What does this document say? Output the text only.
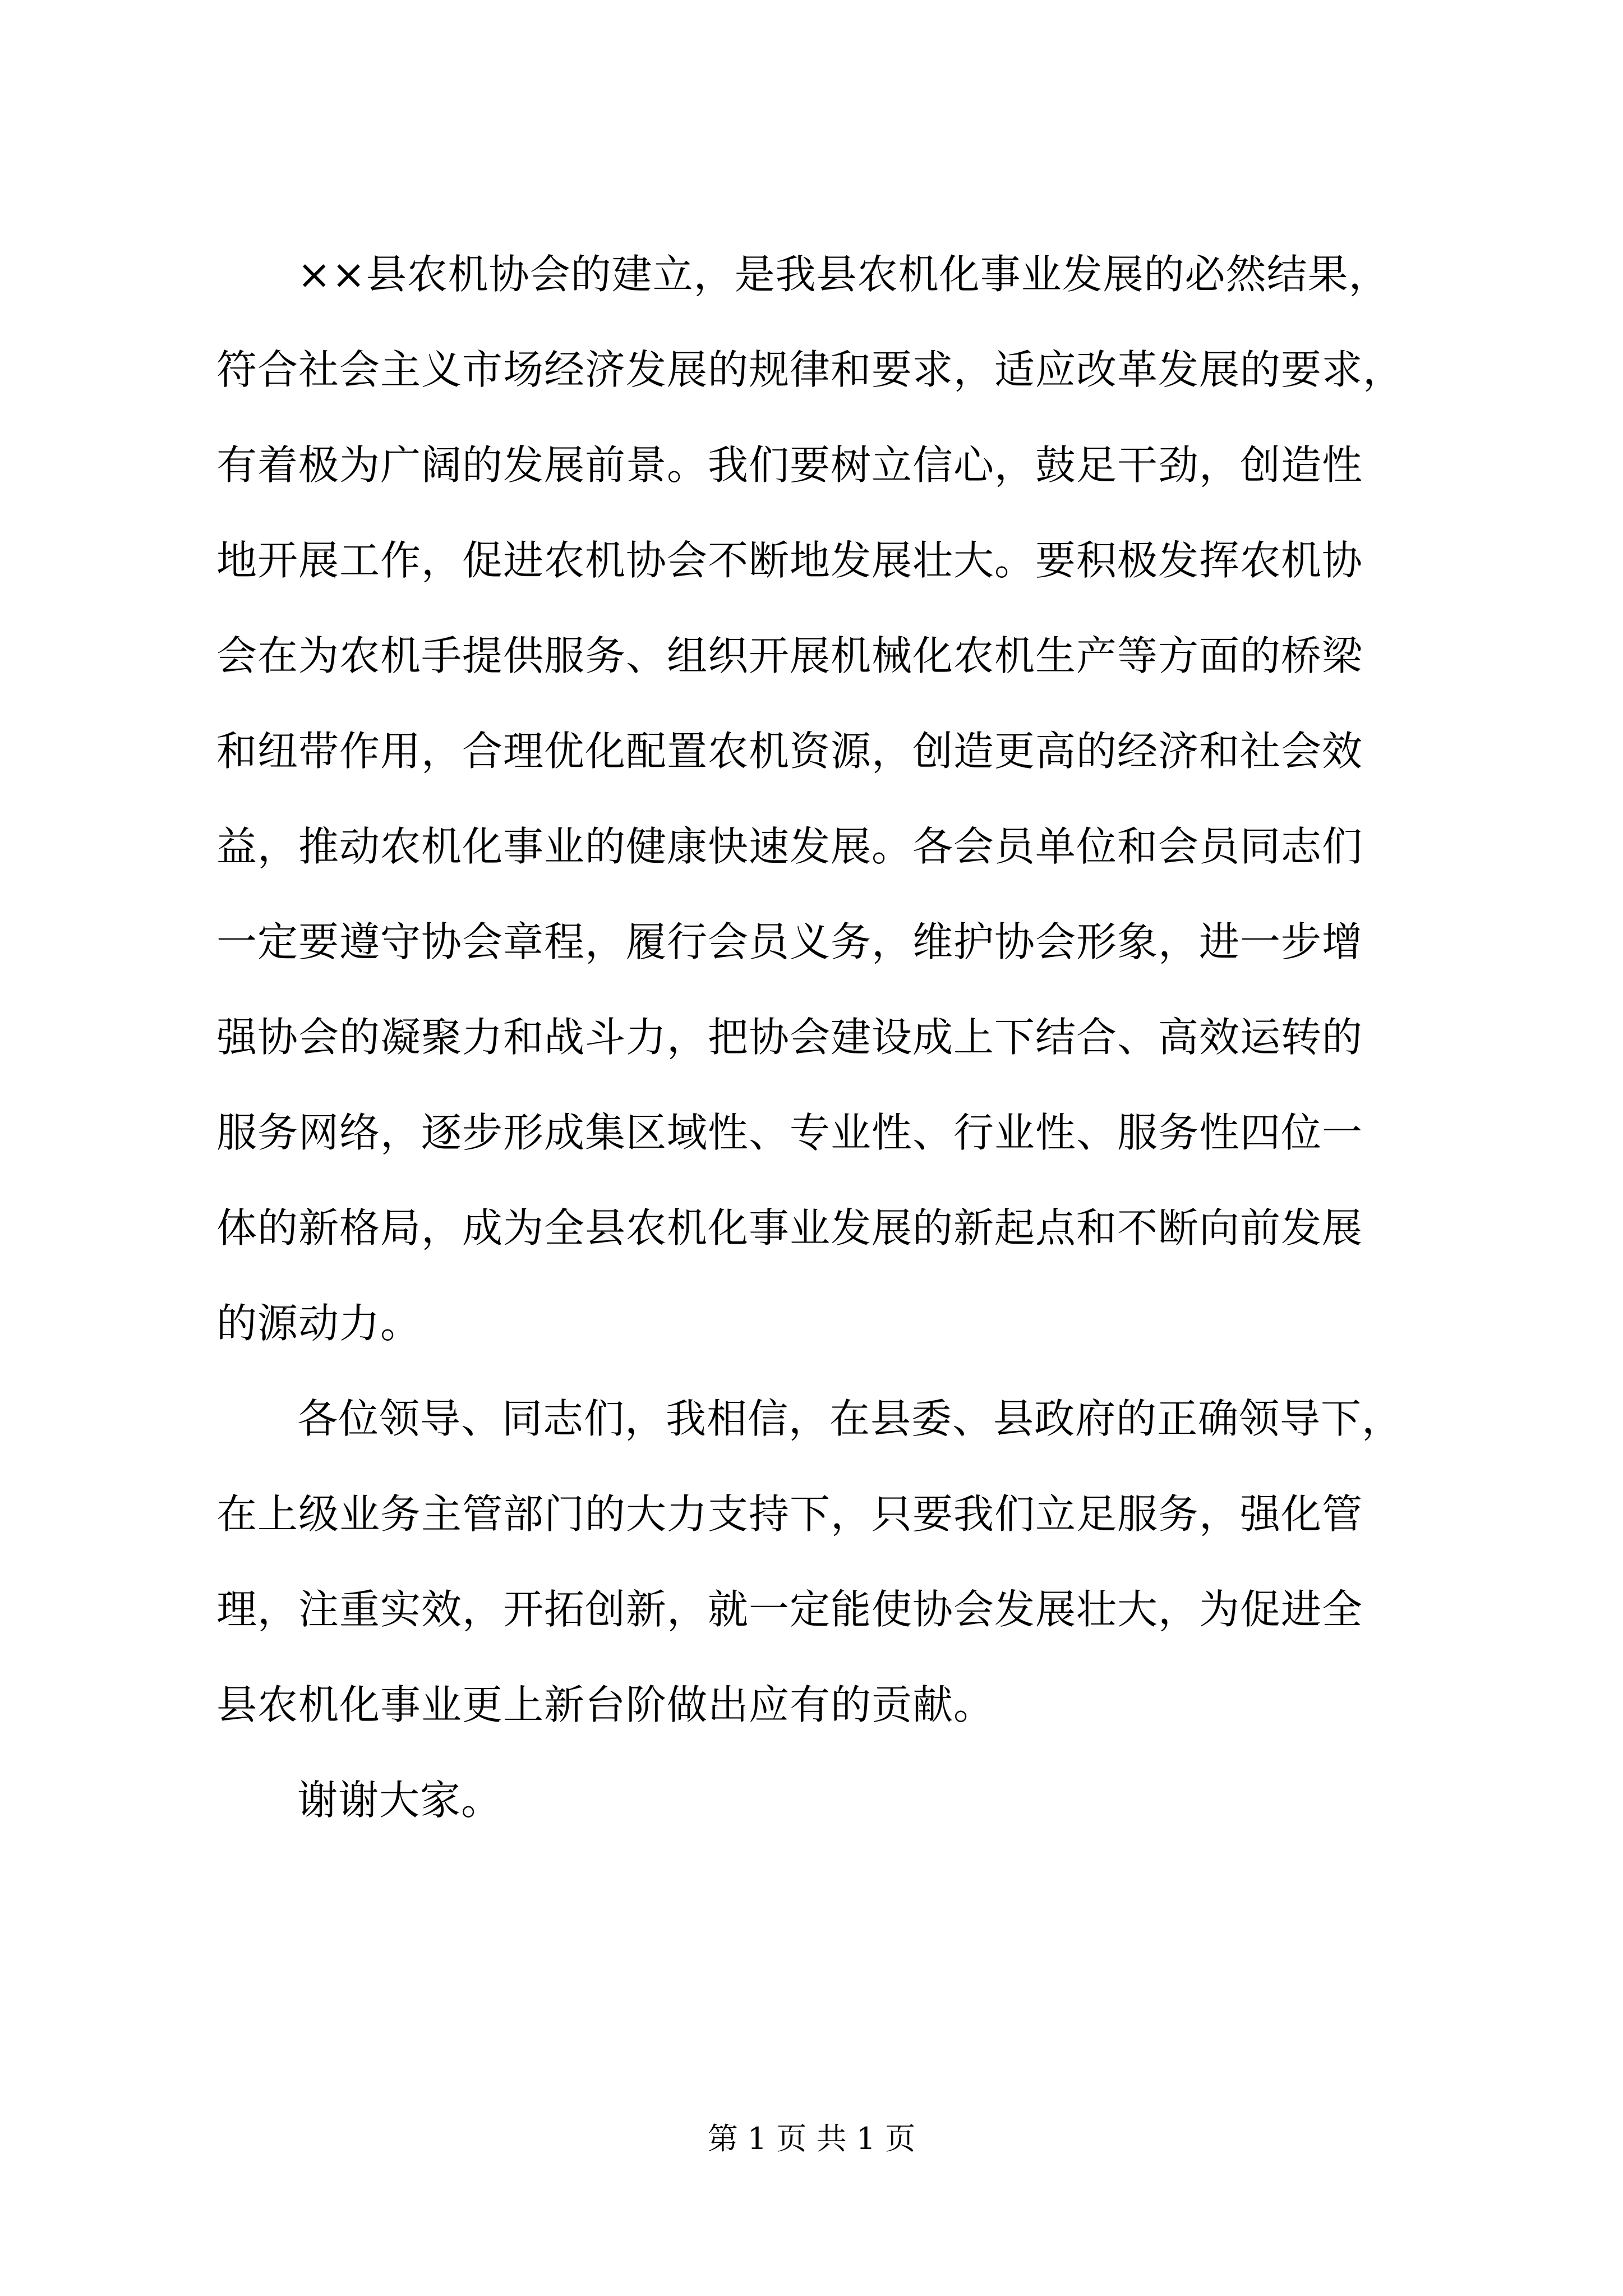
××县农机协会的建立，是我县农机化事业发展的必然结果，
符合社会主义市场经济发展的规律和要求，适应改革发展的要求，
有着极为广阔的发展前景。我们要树立信心，鼓足干劲，创造性
地开展工作，促进农机协会不断地发展壮大。要积极发挥农机协
会在为农机手提供服务、组织开展机械化农机生产等方面的桥梁
和纽带作用，合理优化配置农机资源，创造更高的经济和社会效
益，推动农机化事业的健康快速发展。各会员单位和会员同志们
一定要遵守协会章程，履行会员义务，维护协会形象，进一步增
强协会的凝聚力和战斗力，把协会建设成上下结合、高效运转的
服务网络，逐步形成集区域性、专业性、行业性、服务性四位一
体的新格局，成为全县农机化事业发展的新起点和不断向前发展
的源动力。
各位领导、同志们，我相信，在县委、县政府的正确领导下，
在上级业务主管部门的大力支持下，只要我们立足服务，强化管
理，注重实效，开拓创新，就一定能使协会发展壮大，为促进全
县农机化事业更上新台阶做出应有的贡献。
谢谢大家。
第 1 页 共 1 页
